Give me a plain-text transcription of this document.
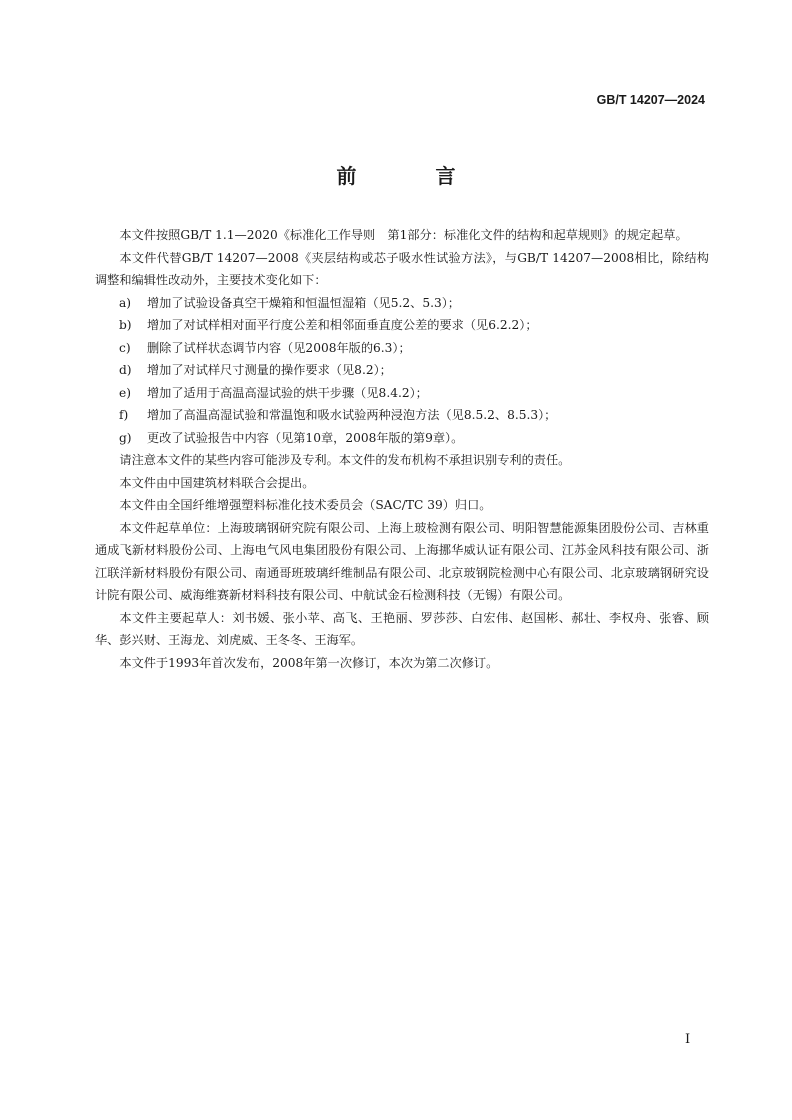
GB/T 14207—2024
前 言

本文件按照GB/T 1.1—2020《标准化工作导则　第1部分：标准化文件的结构和起草规则》的规定起草。

本文件代替GB/T 14207—2008《夹层结构或芯子吸水性试验方法》，与GB/T 14207—2008相比，除结构调整和编辑性改动外，主要技术变化如下：

a)	增加了试验设备真空干燥箱和恒温恒湿箱（见5.2、5.3）；
b)	增加了对试样相对面平行度公差和相邻面垂直度公差的要求（见6.2.2）；
c)	删除了试样状态调节内容（见2008年版的6.3）；
d)	增加了对试样尺寸测量的操作要求（见8.2）；
e)	增加了适用于高温高湿试验的烘干步骤（见8.4.2）；
f)	增加了高温高湿试验和常温饱和吸水试验两种浸泡方法（见8.5.2、8.5.3）；
g)	更改了试验报告中内容（见第10章，2008年版的第9章）。

请注意本文件的某些内容可能涉及专利。本文件的发布机构不承担识别专利的责任。

本文件由中国建筑材料联合会提出。

本文件由全国纤维增强塑料标准化技术委员会（SAC/TC 39）归口。

本文件起草单位：上海玻璃钢研究院有限公司、上海上玻检测有限公司、明阳智慧能源集团股份公司、吉林重通成飞新材料股份公司、上海电气风电集团股份有限公司、上海挪华威认证有限公司、江苏金风科技有限公司、浙江联洋新材料股份有限公司、南通哥班玻璃纤维制品有限公司、北京玻钢院检测中心有限公司、北京玻璃钢研究设计院有限公司、威海维赛新材料科技有限公司、中航试金石检测科技（无锡）有限公司。

本文件主要起草人：刘书媛、张小苹、高飞、王艳丽、罗莎莎、白宏伟、赵国彬、郝壮、李权舟、张睿、顾华、彭兴财、王海龙、刘虎威、王冬冬、王海军。

本文件于1993年首次发布，2008年第一次修订，本次为第二次修订。

I
